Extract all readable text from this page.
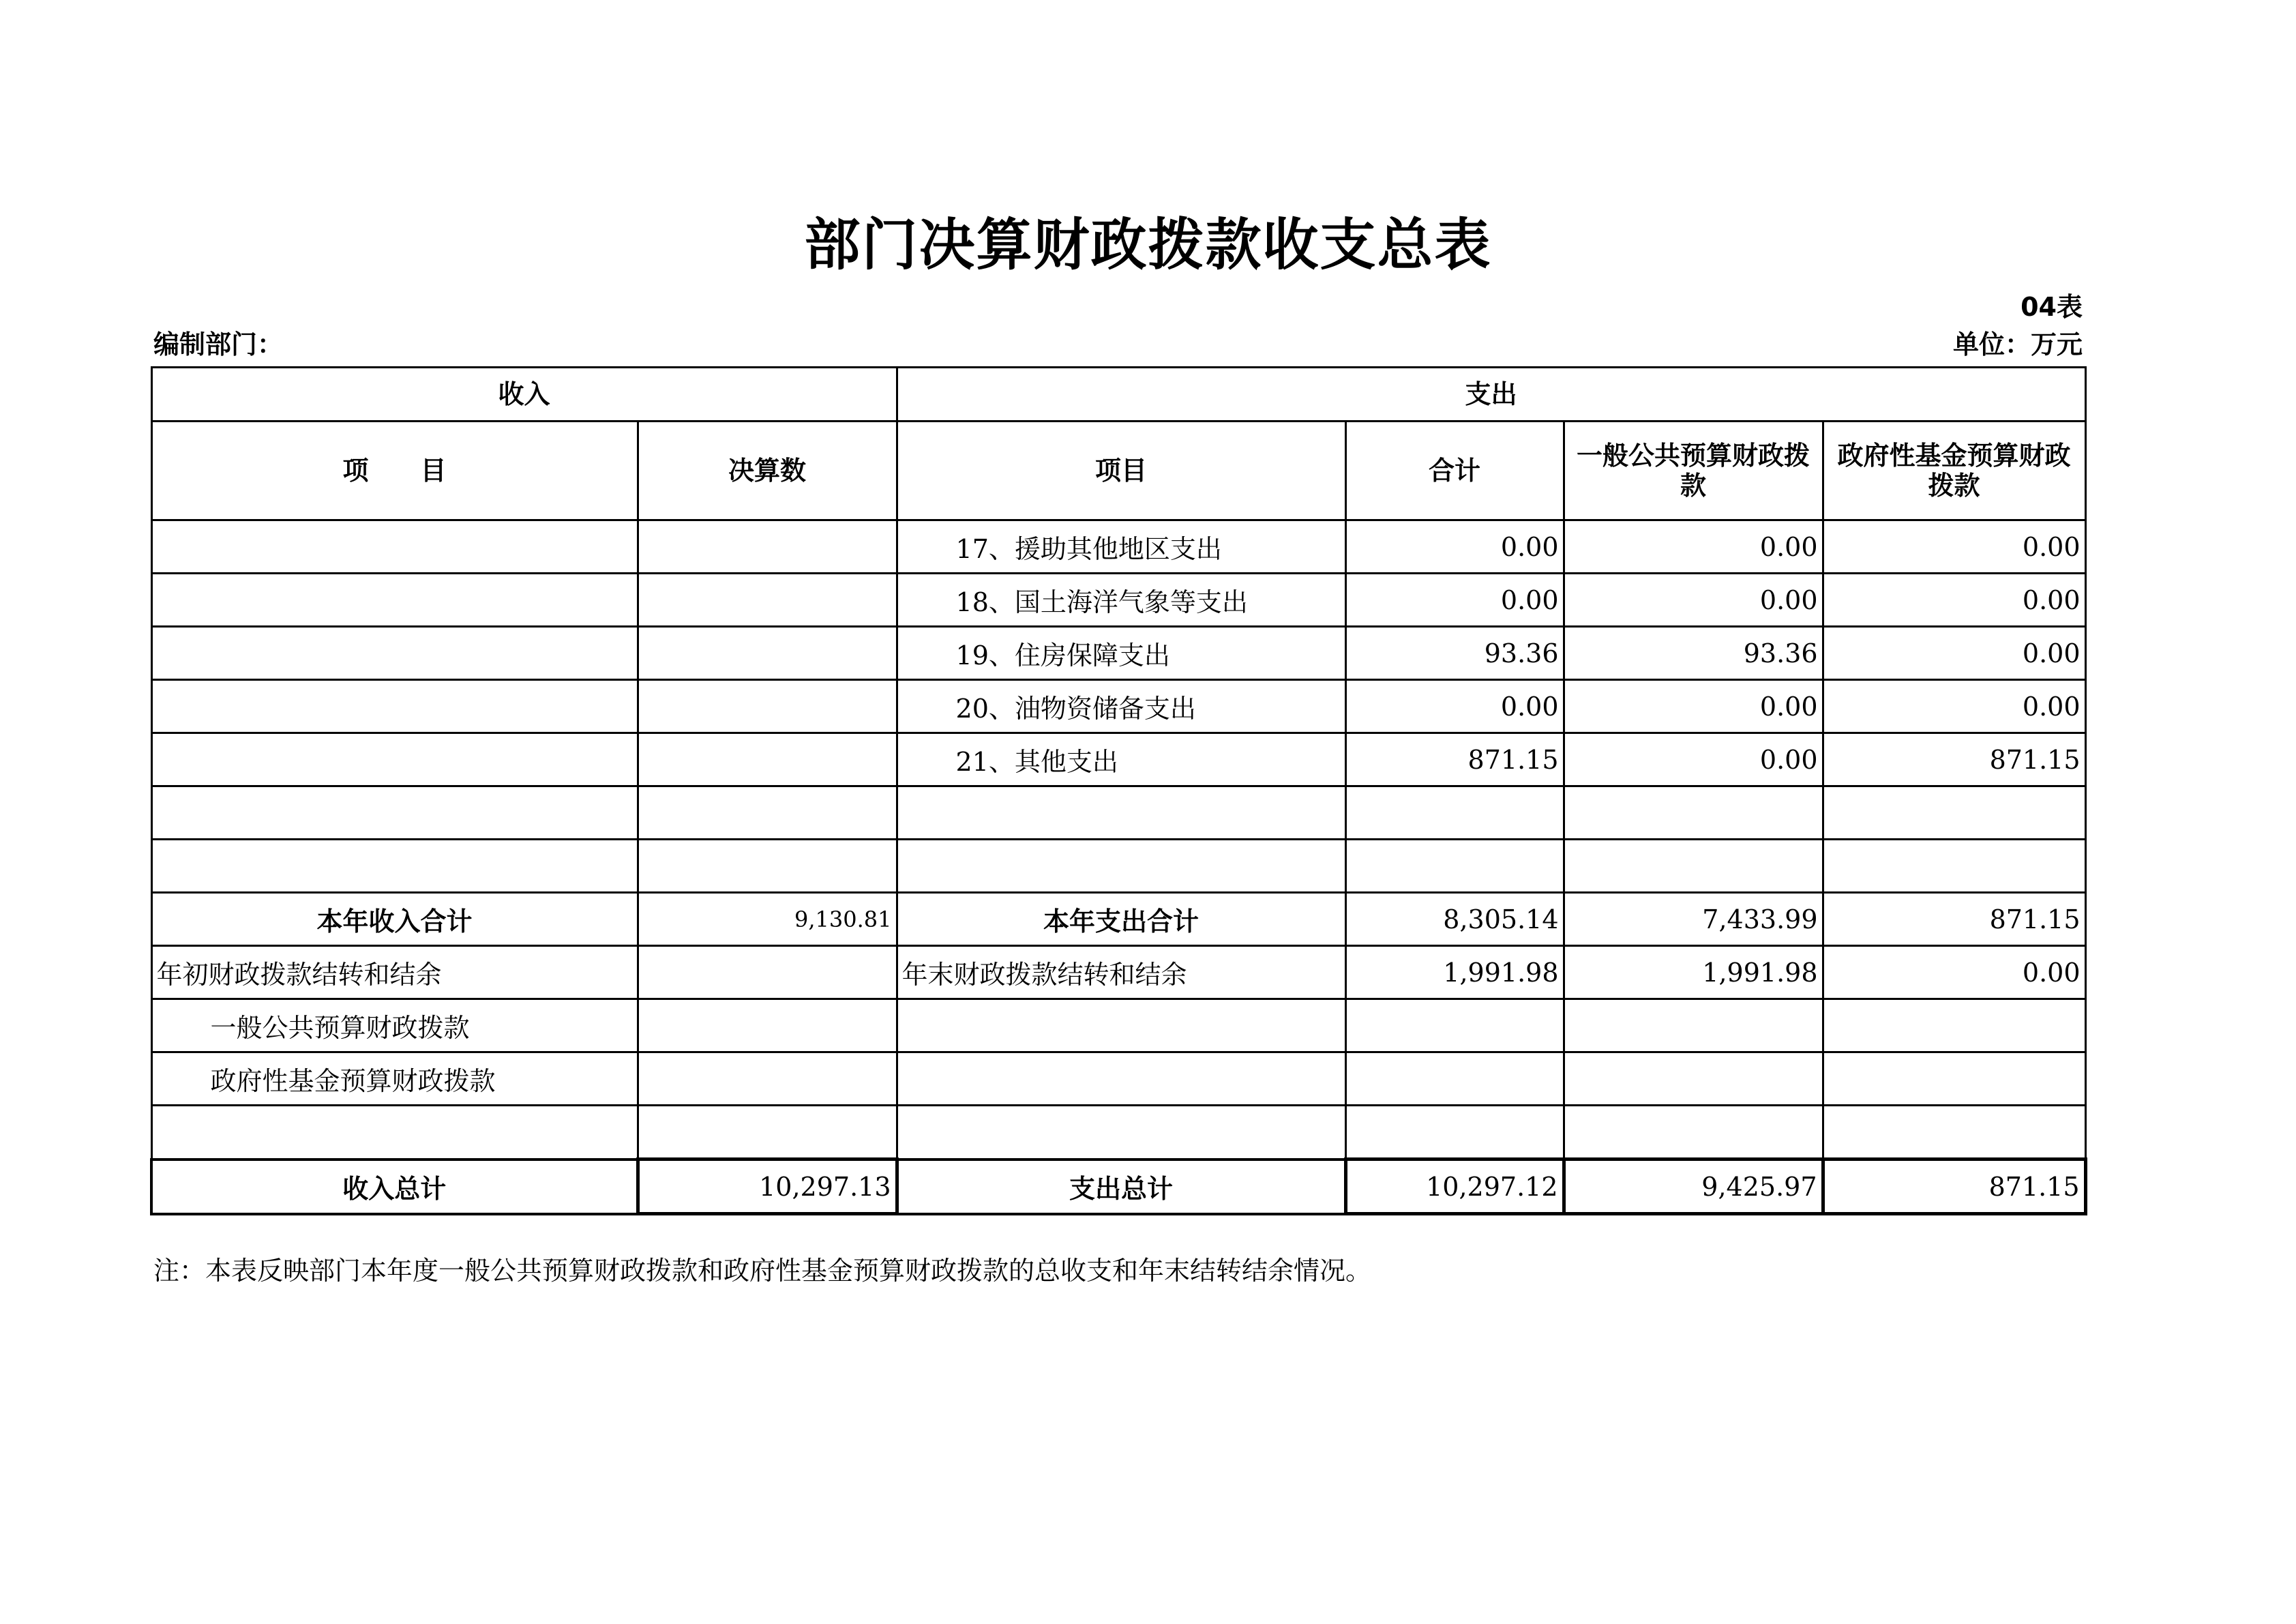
部门决算财政拨款收支总表
04表
编制部门：	单位：万元
收入		支出			
项　　目	决算数	项目	合计	一般公共预算财政拨款	政府性基金预算财政拨款
		17、援助其他地区支出	0.00	0.00	0.00
		18、国土海洋气象等支出	0.00	0.00	0.00
		19、住房保障支出	93.36	93.36	0.00
		20、油物资储备支出	0.00	0.00	0.00
		21、其他支出	871.15	0.00	871.15

本年收入合计	9,130.81	本年支出合计	8,305.14	7,433.99	871.15
年初财政拨款结转和结余		年末财政拨款结转和结余	1,991.98	1,991.98	0.00
一般公共预算财政拨款					
政府性基金预算财政拨款					

收入总计	10,297.13	支出总计	10,297.12	9,425.97	871.15
注：本表反映部门本年度一般公共预算财政拨款和政府性基金预算财政拨款的总收支和年末结转结余情况。
